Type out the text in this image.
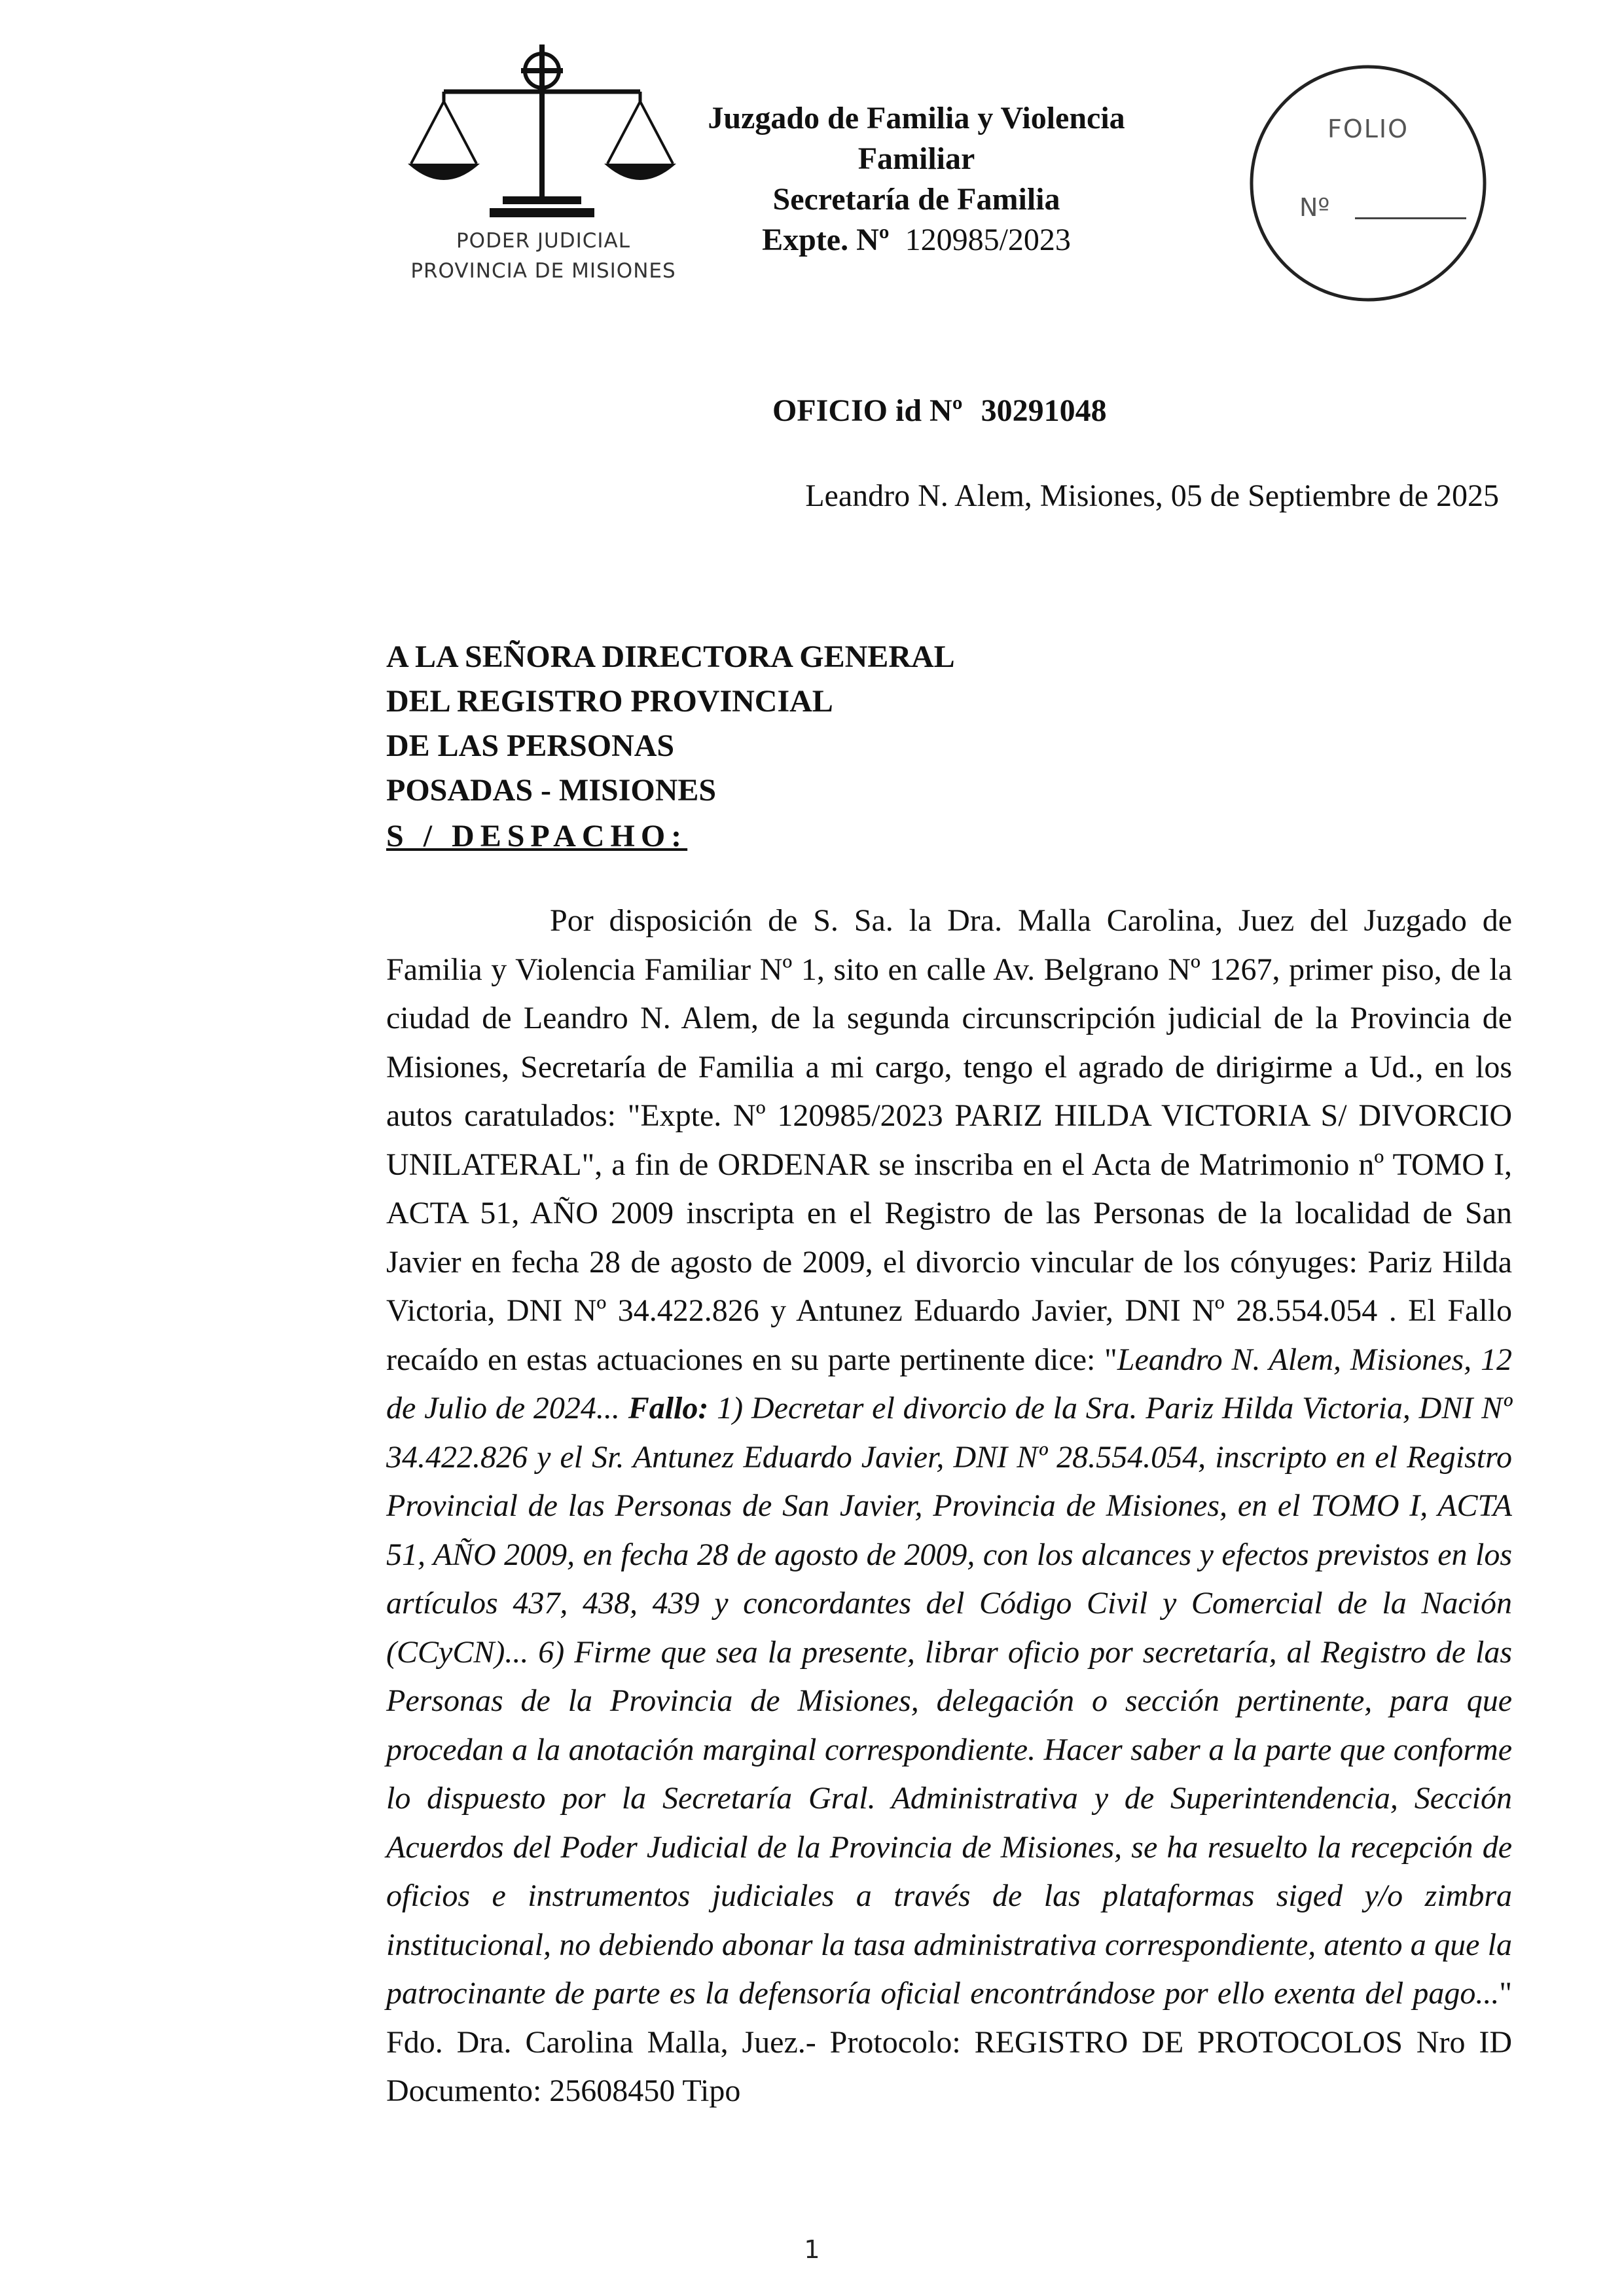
PODER JUDICIAL
PROVINCIA DE MISIONES
Juzgado de Familia y Violencia
Familiar
Secretaría de Familia
Expte. Nº 120985/2023
FOLIO
Nº
OFICIO id Nº 30291048
Leandro N. Alem, Misiones, 05 de Septiembre de 2025
A LA SEÑORA DIRECTORA GENERAL
DEL REGISTRO PROVINCIAL
DE LAS PERSONAS
POSADAS - MISIONES
S / DESPACHO:
Por disposición de S. Sa. la Dra. Malla Carolina, Juez del Juzgado de Familia y Violencia Familiar Nº 1, sito en calle Av. Belgrano Nº 1267, primer piso, de la ciudad de Leandro N. Alem, de la segunda circunscripción judicial de la Provincia de Misiones, Secretaría de Familia a mi cargo, tengo el agrado de dirigirme a Ud., en los autos caratulados: "Expte. Nº 120985/2023 PARIZ HILDA VICTORIA S/ DIVORCIO UNILATERAL", a fin de ORDENAR se inscriba en el Acta de Matrimonio nº TOMO I, ACTA 51, AÑO 2009 inscripta en el Registro de las Personas de la localidad de San Javier en fecha 28 de agosto de 2009, el divorcio vincular de los cónyuges: Pariz Hilda Victoria, DNI Nº 34.422.826 y Antunez Eduardo Javier, DNI Nº 28.554.054 . El Fallo recaído en estas actuaciones en su parte pertinente dice: "Leandro N. Alem, Misiones, 12 de Julio de 2024... Fallo: 1) Decretar el divorcio de la Sra. Pariz Hilda Victoria, DNI Nº 34.422.826 y el Sr. Antunez Eduardo Javier, DNI Nº 28.554.054, inscripto en el Registro Provincial de las Personas de San Javier, Provincia de Misiones, en el TOMO I, ACTA 51, AÑO 2009, en fecha 28 de agosto de 2009, con los alcances y efectos previstos en los artículos 437, 438, 439 y concordantes del Código Civil y Comercial de la Nación (CCyCN)... 6) Firme que sea la presente, librar oficio por secretaría, al Registro de las Personas de la Provincia de Misiones, delegación o sección pertinente, para que procedan a la anotación marginal correspondiente. Hacer saber a la parte que conforme lo dispuesto por la Secretaría Gral. Administrativa y de Superintendencia, Sección Acuerdos del Poder Judicial de la Provincia de Misiones, se ha resuelto la recepción de oficios e instrumentos judiciales a través de las plataformas siged y/o zimbra institucional, no debiendo abonar la tasa administrativa correspondiente, atento a que la patrocinante de parte es la defensoría oficial encontrándose por ello exenta del pago..." Fdo. Dra. Carolina Malla, Juez.- Protocolo: REGISTRO DE PROTOCOLOS Nro ID Documento: 25608450 Tipo
1
